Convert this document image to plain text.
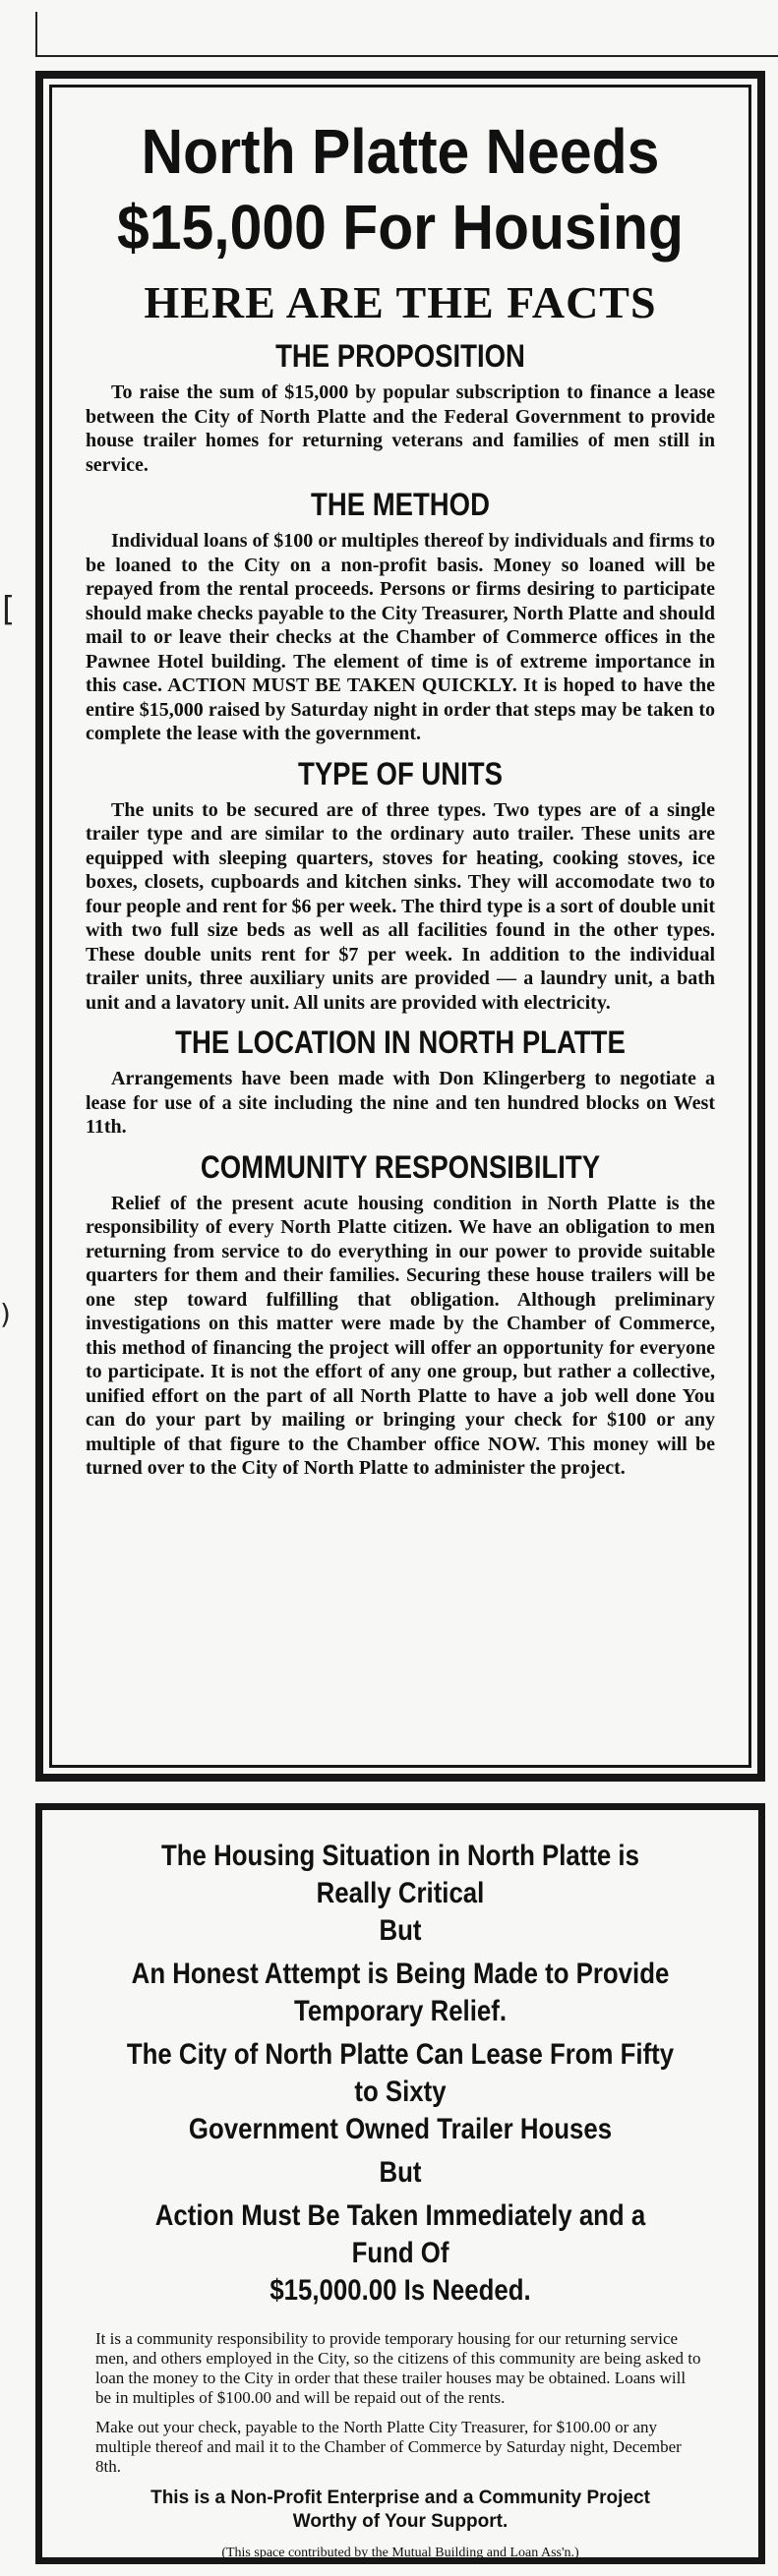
[
)
North Platte Needs
$15,000 For Housing
HERE ARE THE FACTS
THE PROPOSITION

To raise the sum of $15,000 by popular subscription to finance a lease between the City of North Platte and the Federal Government to provide house trailer homes for returning veterans and families of men still in service.

THE METHOD

Individual loans of $100 or multiples thereof by individuals and firms to be loaned to the City on a non-profit basis. Money so loaned will be repayed from the rental proceeds. Persons or firms desiring to participate should make checks payable to the City Treasurer, North Platte and should mail to or leave their checks at the Chamber of Commerce offices in the Pawnee Hotel building. The element of time is of extreme importance in this case. ACTION MUST BE TAKEN QUICKLY. It is hoped to have the entire $15,000 raised by Saturday night in order that steps may be taken to complete the lease with the government.

TYPE OF UNITS

The units to be secured are of three types. Two types are of a single trailer type and are similar to the ordinary auto trailer. These units are equipped with sleeping quarters, stoves for heating, cooking stoves, ice boxes, closets, cupboards and kitchen sinks. They will accomodate two to four people and rent for $6 per week. The third type is a sort of double unit with two full size beds as well as all facilities found in the other types. These double units rent for $7 per week. In addition to the individual trailer units, three auxiliary units are provided — a laundry unit, a bath unit and a lavatory unit. All units are provided with electricity.

THE LOCATION IN NORTH PLATTE

Arrangements have been made with Don Klingerberg to negotiate a lease for use of a site including the nine and ten hundred blocks on West 11th.

COMMUNITY RESPONSIBILITY

Relief of the present acute housing condition in North Platte is the responsibility of every North Platte citizen. We have an obligation to men returning from service to do everything in our power to provide suitable quarters for them and their families. Securing these house trailers will be one step toward fulfilling that obligation. Although preliminary investigations on this matter were made by the Chamber of Commerce, this method of financing the project will offer an opportunity for everyone to participate. It is not the effort of any one group, but rather a collective, unified effort on the part of all North Platte to have a job well done You can do your part by mailing or bringing your check for $100 or any multiple of that figure to the Chamber office NOW. This money will be turned over to the City of North Platte to administer the project.

The Housing Situation in North Platte is Really Critical
But
An Honest Attempt is Being Made to Provide
Temporary Relief.
The City of North Platte Can Lease From Fifty to Sixty
Government Owned Trailer Houses
But
Action Must Be Taken Immediately and a Fund Of
$15,000.00 Is Needed.

It is a community responsibility to provide temporary housing for our returning service men, and others employed in the City, so the citizens of this community are being asked to loan the money to the City in order that these trailer houses may be obtained. Loans will be in multiples of $100.00 and will be repaid out of the rents.

Make out your check, payable to the North Platte City Treasurer, for $100.00 or any multiple thereof and mail it to the Chamber of Commerce by Saturday night, December 8th.

This is a Non-Profit Enterprise and a Community Project
Worthy of Your Support.
(This space contributed by the Mutual Building and Loan Ass'n.)
